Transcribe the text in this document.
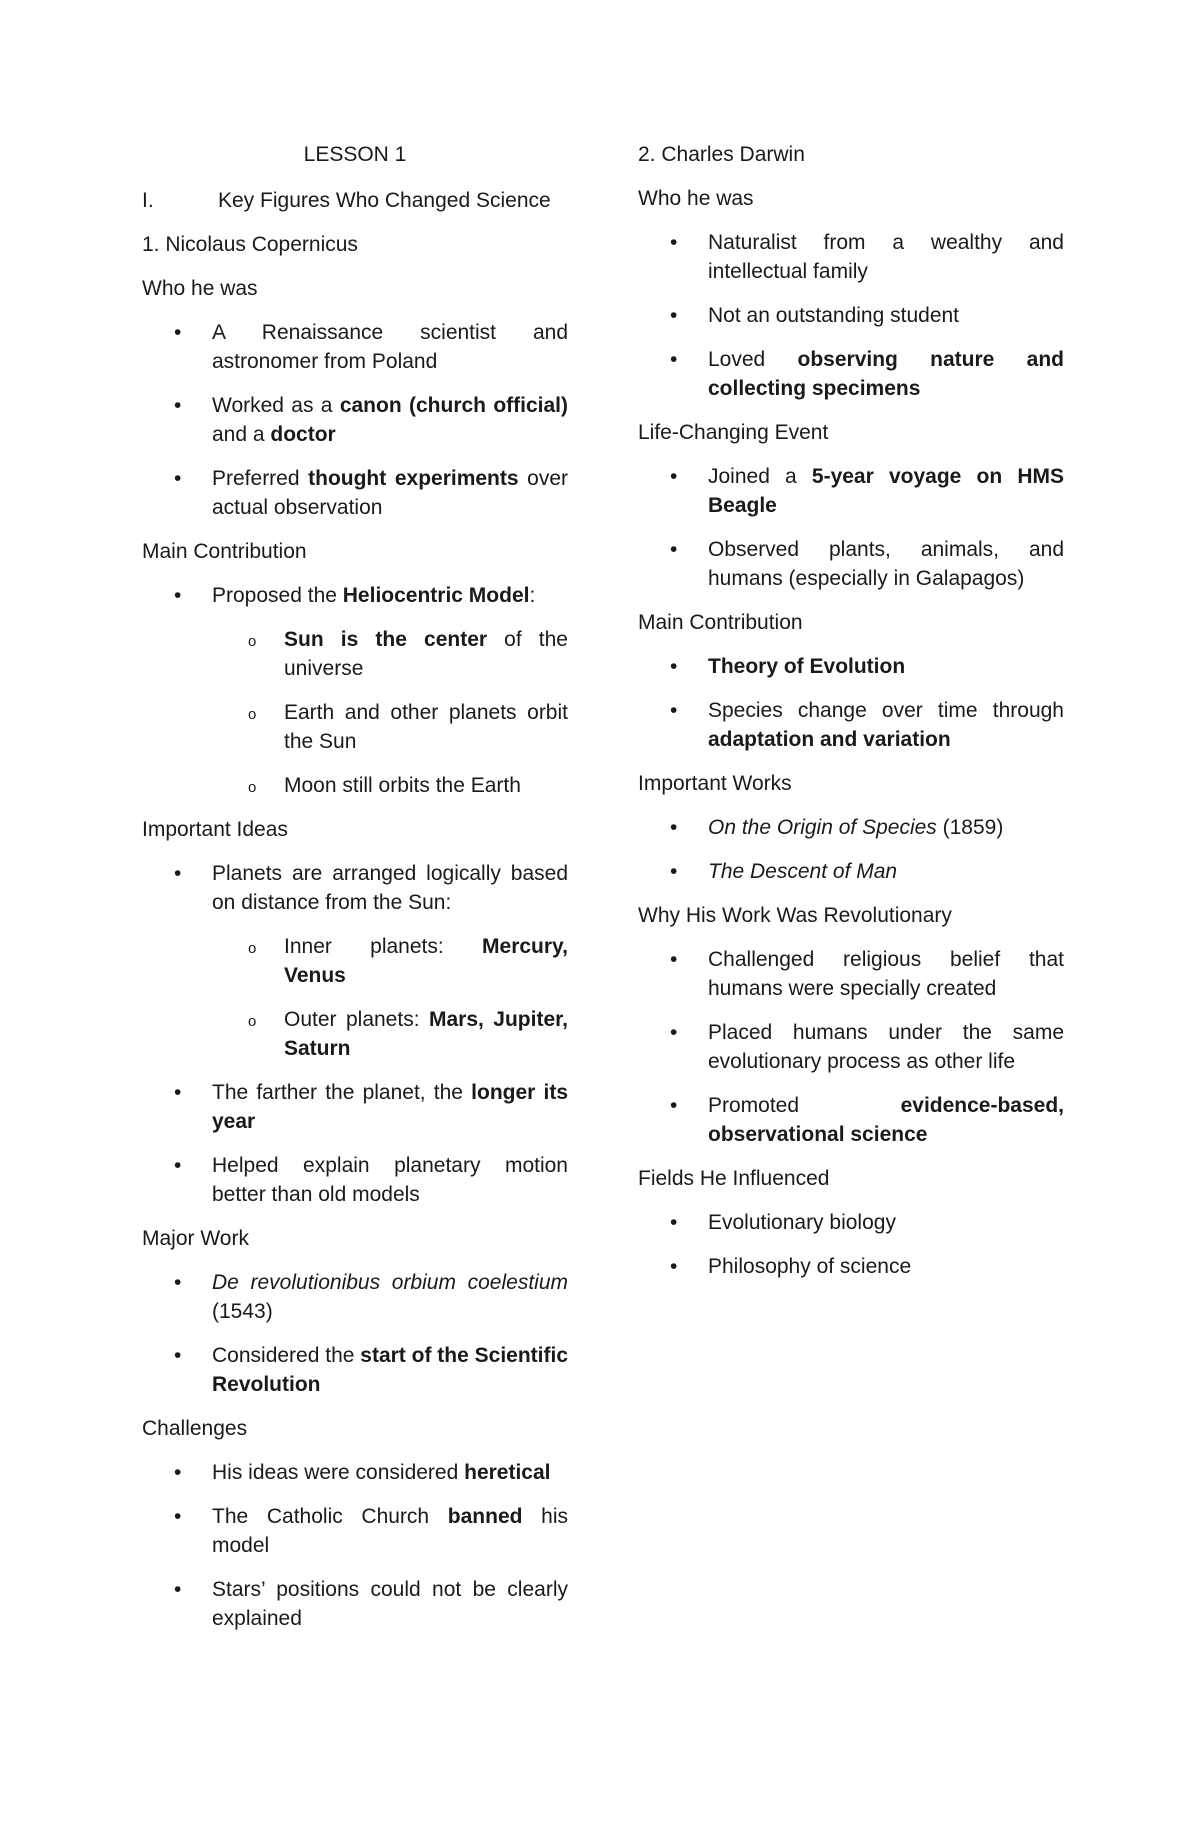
LESSON 1
I.	Key Figures Who Changed Science
1. Nicolaus Copernicus
Who he was
• A Renaissance scientist and astronomer from Poland
• Worked as a canon (church official) and a doctor
• Preferred thought experiments over actual observation
Main Contribution
• Proposed the Heliocentric Model:
o Sun is the center of the universe
o Earth and other planets orbit the Sun
o Moon still orbits the Earth
Important Ideas
• Planets are arranged logically based on distance from the Sun:
o Inner planets: Mercury, Venus
o Outer planets: Mars, Jupiter, Saturn
• The farther the planet, the longer its year
• Helped explain planetary motion better than old models
Major Work
• De revolutionibus orbium coelestium (1543)
• Considered the start of the Scientific Revolution
Challenges
• His ideas were considered heretical
• The Catholic Church banned his model
• Stars’ positions could not be clearly explained
2. Charles Darwin
Who he was
• Naturalist from a wealthy and intellectual family
• Not an outstanding student
• Loved observing nature and collecting specimens
Life-Changing Event
• Joined a 5-year voyage on HMS Beagle
• Observed plants, animals, and humans (especially in Galapagos)
Main Contribution
• Theory of Evolution
• Species change over time through adaptation and variation
Important Works
• On the Origin of Species (1859)
• The Descent of Man
Why His Work Was Revolutionary
• Challenged religious belief that humans were specially created
• Placed humans under the same evolutionary process as other life
• Promoted evidence-based, observational science
Fields He Influenced
• Evolutionary biology
• Philosophy of science
